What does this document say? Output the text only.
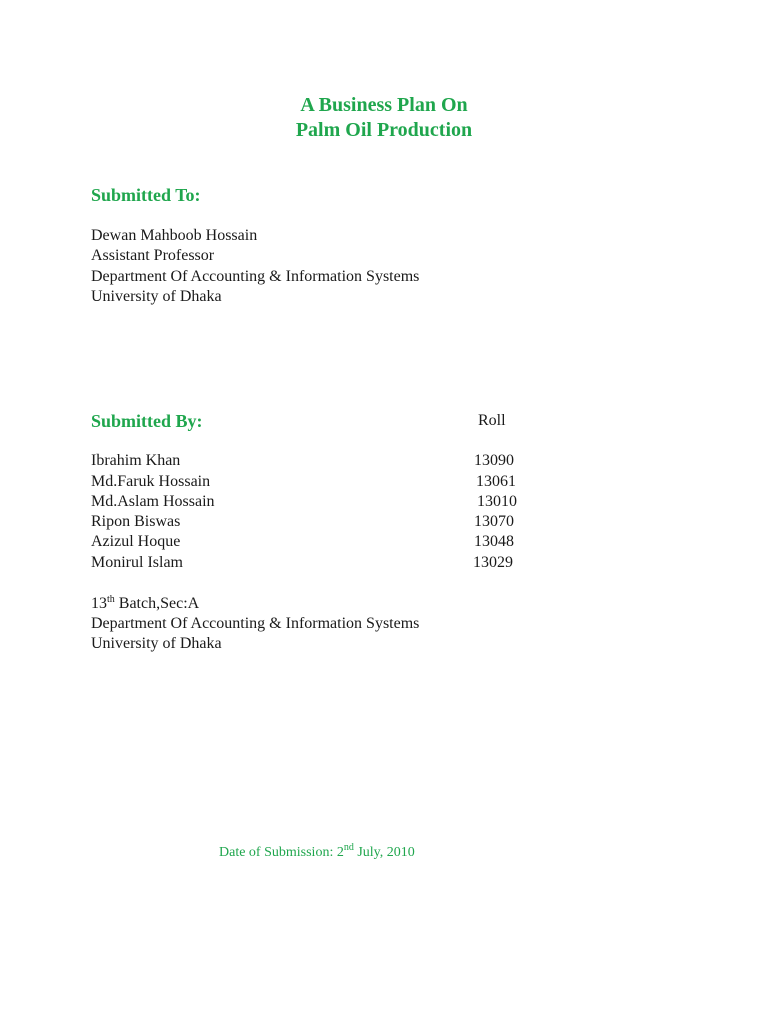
A Business Plan On
Palm Oil Production
Submitted To:
Dewan Mahboob Hossain
Assistant Professor
Department Of Accounting & Information Systems
University of Dhaka
Submitted By:	Roll
Ibrahim Khan	13090
Md.Faruk Hossain	13061
Md.Aslam Hossain	13010
Ripon Biswas	13070
Azizul Hoque	13048
Monirul Islam	13029
13th Batch,Sec:A
Department Of Accounting & Information Systems
University of Dhaka
Date of Submission: 2nd July, 2010
